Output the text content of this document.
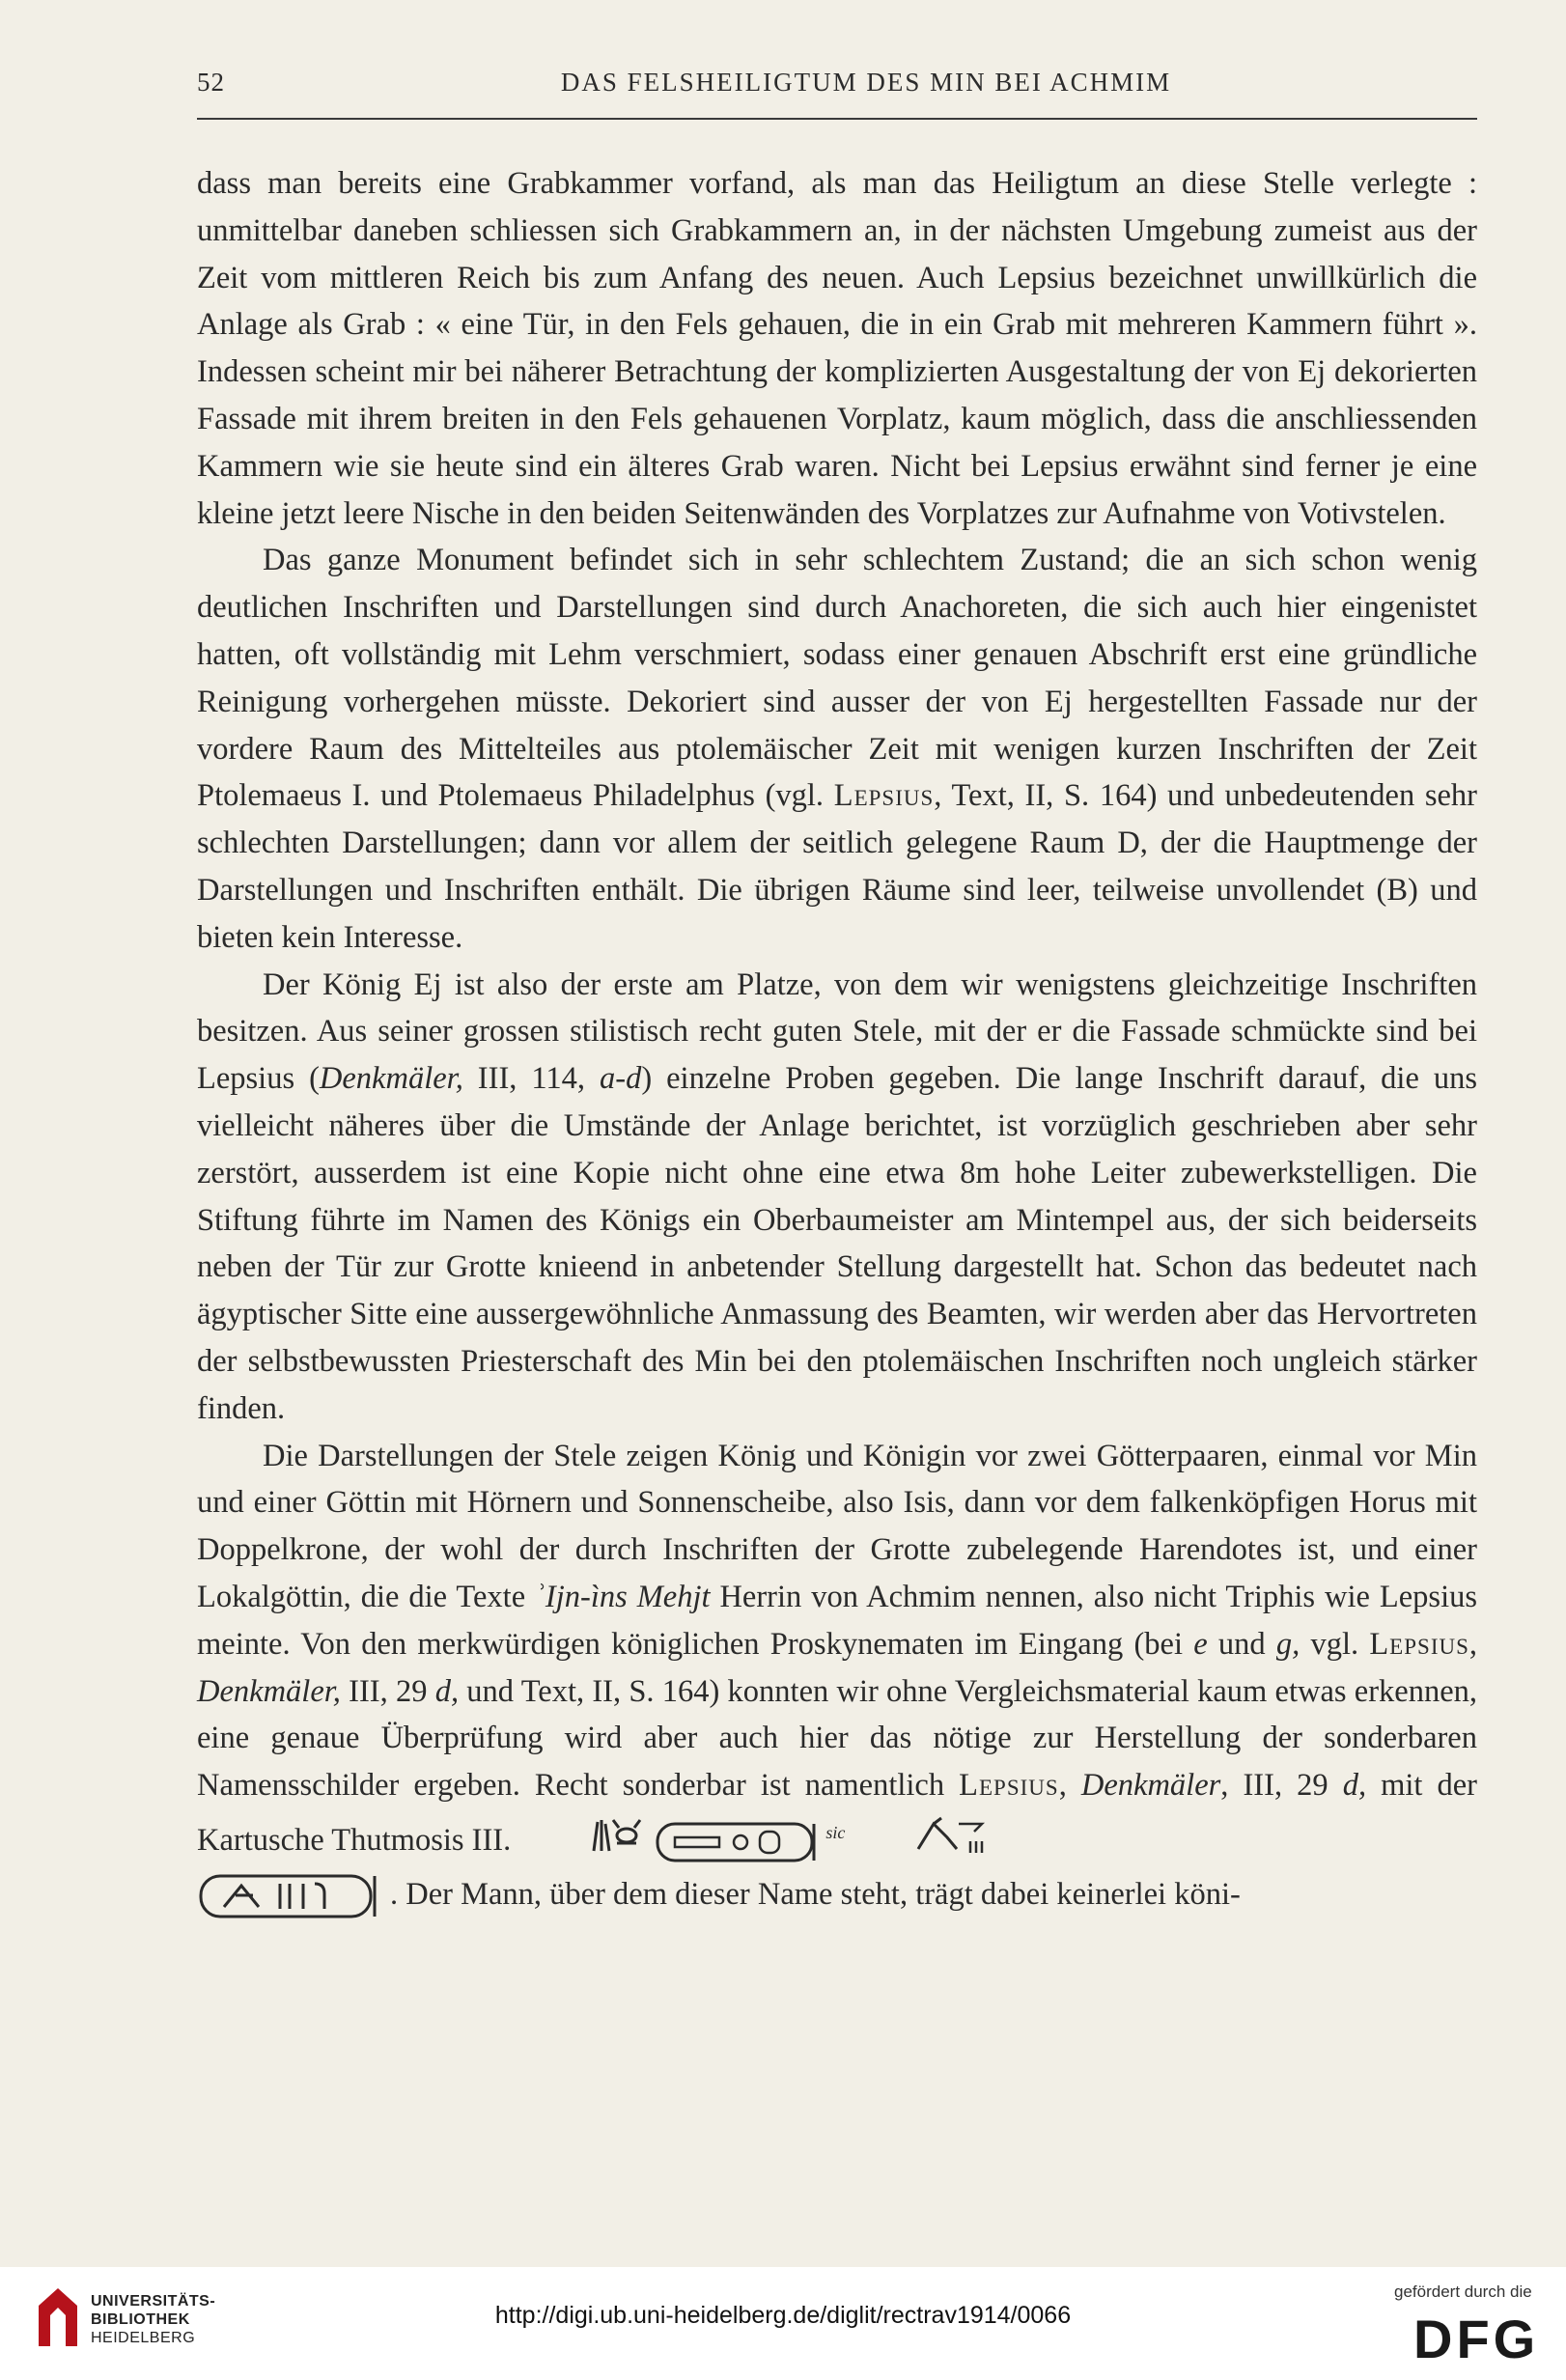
52	DAS FELSHEILIGTUM DES MIN BEI ACHMIM

dass man bereits eine Grabkammer vorfand, als man das Heiligtum an diese Stelle verlegte : unmittelbar daneben schliessen sich Grabkammern an, in der nächsten Umgebung zumeist aus der Zeit vom mittleren Reich bis zum Anfang des neuen. Auch Lepsius bezeichnet unwillkürlich die Anlage als Grab : « eine Tür, in den Fels gehauen, die in ein Grab mit mehreren Kammern führt ». Indessen scheint mir bei näherer Betrachtung der komplizierten Ausgestaltung der von Ej dekorierten Fassade mit ihrem breiten in den Fels gehauenen Vorplatz, kaum möglich, dass die anschliessenden Kammern wie sie heute sind ein älteres Grab waren. Nicht bei Lepsius erwähnt sind ferner je eine kleine jetzt leere Nische in den beiden Seitenwänden des Vorplatzes zur Aufnahme von Votivstelen.

Das ganze Monument befindet sich in sehr schlechtem Zustand; die an sich schon wenig deutlichen Inschriften und Darstellungen sind durch Anachoreten, die sich auch hier eingenistet hatten, oft vollständig mit Lehm verschmiert, sodass einer genauen Abschrift erst eine gründliche Reinigung vorhergehen müsste. Dekoriert sind ausser der von Ej hergestellten Fassade nur der vordere Raum des Mittelteiles aus ptolemäischer Zeit mit wenigen kurzen Inschriften der Zeit Ptolemaeus I. und Ptolemaeus Philadelphus (vgl. Lepsius, Text, II, S. 164) und unbedeutenden sehr schlechten Darstellungen; dann vor allem der seitlich gelegene Raum D, der die Hauptmenge der Darstellungen und Inschriften enthält. Die übrigen Räume sind leer, teilweise unvollendet (B) und bieten kein Interesse.

Der König Ej ist also der erste am Platze, von dem wir wenigstens gleichzeitige Inschriften besitzen. Aus seiner grossen stilistisch recht guten Stele, mit der er die Fassade schmückte sind bei Lepsius (Denkmäler, III, 114, a-d) einzelne Proben gegeben. Die lange Inschrift darauf, die uns vielleicht näheres über die Umstände der Anlage berichtet, ist vorzüglich geschrieben aber sehr zerstört, ausserdem ist eine Kopie nicht ohne eine etwa 8m hohe Leiter zubewerkstelligen. Die Stiftung führte im Namen des Königs ein Oberbaumeister am Mintempel aus, der sich beiderseits neben der Tür zur Grotte knieend in anbetender Stellung dargestellt hat. Schon das bedeutet nach ägyptischer Sitte eine aussergewöhnliche Anmassung des Beamten, wir werden aber das Hervortreten der selbstbewussten Priesterschaft des Min bei den ptolemäischen Inschriften noch ungleich stärker finden.

Die Darstellungen der Stele zeigen König und Königin vor zwei Götterpaaren, einmal vor Min und einer Göttin mit Hörnern und Sonnenscheibe, also Isis, dann vor dem falkenköpfigen Horus mit Doppelkrone, der wohl der durch Inschriften der Grotte zubelegende Harendotes ist, und einer Lokalgöttin, die die Texte ʾIjn-ìns Mehjt Herrin von Achmim nennen, also nicht Triphis wie Lepsius meinte. Von den merkwürdigen königlichen Proskynematen im Eingang (bei e und g, vgl. Lepsius, Denkmäler, III, 29 d, und Text, II, S. 164) konnten wir ohne Vergleichsmaterial kaum etwas erkennen, eine genaue Überprüfung wird aber auch hier das nötige zur Herstellung der sonderbaren Namensschilder ergeben. Recht sonderbar ist namentlich Lepsius, Denkmäler, III, 29 d, mit der Kartusche Thutmosis III.	$^{sic}$

. Der Mann, über dem dieser Name steht, trägt dabei keinerlei köni-

UNIVERSITÄTS-
BIBLIOTHEK
HEIDELBERG
http://digi.ub.uni-heidelberg.de/diglit/rectrav1914/0066
gefördert durch die
DFG
